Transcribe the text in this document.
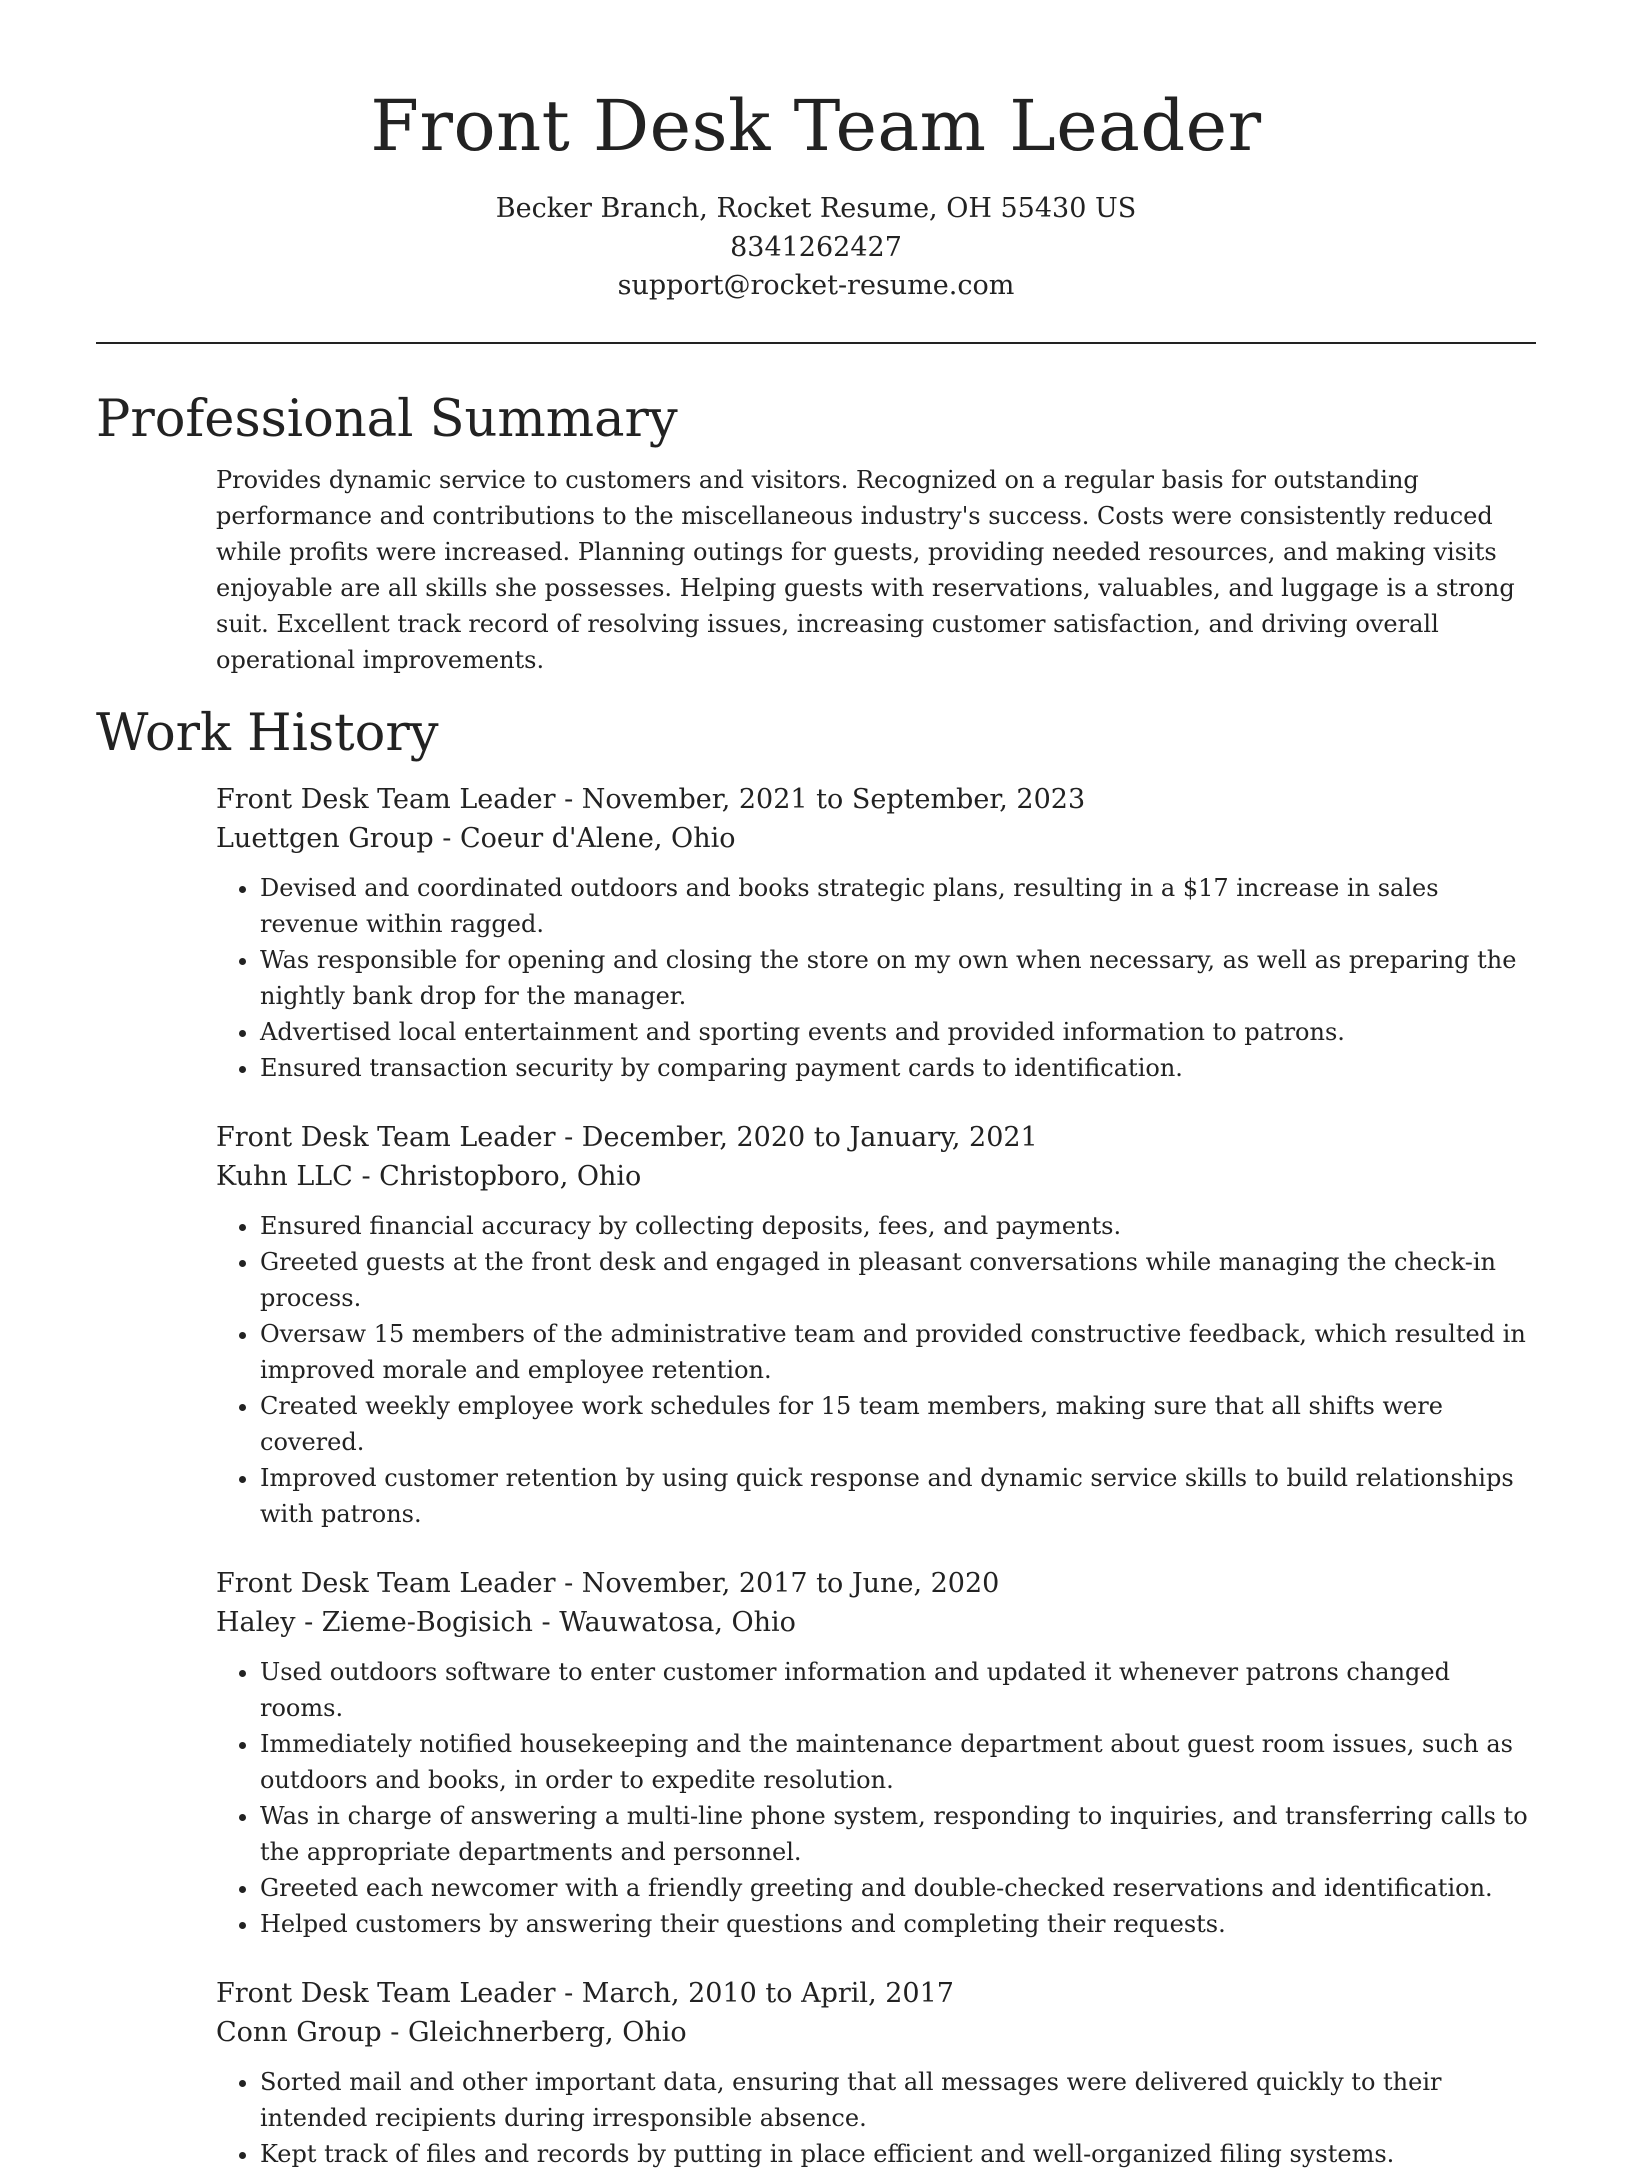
Front Desk Team Leader
Becker Branch, Rocket Resume, OH 55430 US
8341262427
support@rocket-resume.com
Professional Summary

Provides dynamic service to customers and visitors. Recognized on a regular basis for outstanding performance and contributions to the miscellaneous industry's success. Costs were consistently reduced while profits were increased. Planning outings for guests, providing needed resources, and making visits enjoyable are all skills she possesses. Helping guests with reservations, valuables, and luggage is a strong suit. Excellent track record of resolving issues, increasing customer satisfaction, and driving overall operational improvements.

Work History
Front Desk Team Leader - November, 2021 to September, 2023
Luettgen Group - Coeur d'Alene, Ohio
• Devised and coordinated outdoors and books strategic plans, resulting in a $17 increase in sales revenue within ragged.
• Was responsible for opening and closing the store on my own when necessary, as well as preparing the nightly bank drop for the manager.
• Advertised local entertainment and sporting events and provided information to patrons.
• Ensured transaction security by comparing payment cards to identification.
Front Desk Team Leader - December, 2020 to January, 2021
Kuhn LLC - Christopboro, Ohio
• Ensured financial accuracy by collecting deposits, fees, and payments.
• Greeted guests at the front desk and engaged in pleasant conversations while managing the check-in process.
• Oversaw 15 members of the administrative team and provided constructive feedback, which resulted in improved morale and employee retention.
• Created weekly employee work schedules for 15 team members, making sure that all shifts were covered.
• Improved customer retention by using quick response and dynamic service skills to build relationships with patrons.
Front Desk Team Leader - November, 2017 to June, 2020
Haley - Zieme-Bogisich - Wauwatosa, Ohio
• Used outdoors software to enter customer information and updated it whenever patrons changed rooms.
• Immediately notified housekeeping and the maintenance department about guest room issues, such as outdoors and books, in order to expedite resolution.
• Was in charge of answering a multi-line phone system, responding to inquiries, and transferring calls to the appropriate departments and personnel.
• Greeted each newcomer with a friendly greeting and double-checked reservations and identification.
• Helped customers by answering their questions and completing their requests.
Front Desk Team Leader - March, 2010 to April, 2017
Conn Group - Gleichnerberg, Ohio
• Sorted mail and other important data, ensuring that all messages were delivered quickly to their intended recipients during irresponsible absence.
• Kept track of files and records by putting in place efficient and well-organized filing systems.
